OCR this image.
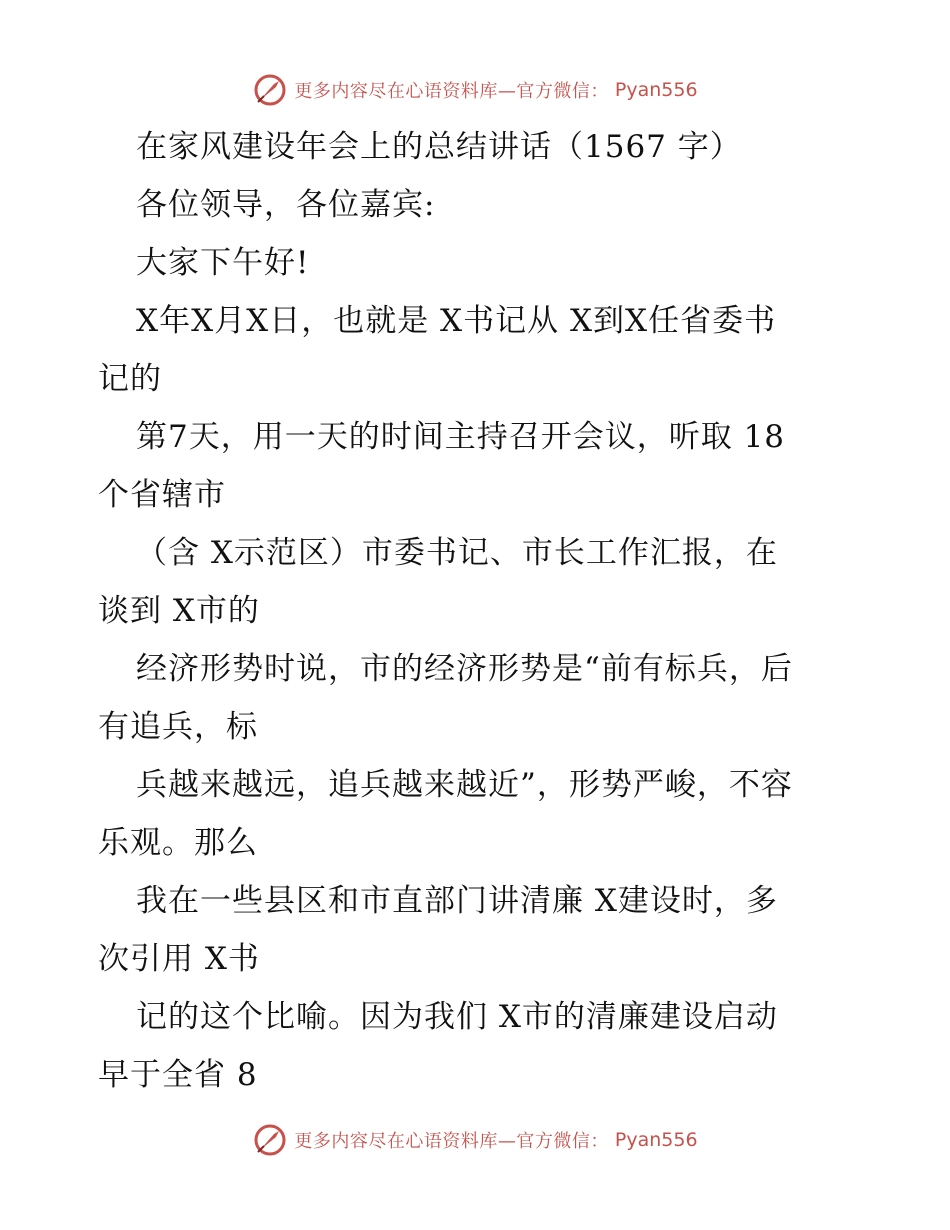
更多内容尽在心语资料库—官方微信： Pyan556

在家风建设年会上的总结讲话（1567 字）

各位领导，各位嘉宾:

大家下午好!

X年X月X日，也就是 X书记从 X到X任省委书

记的

第7天，用一天的时间主持召开会议，听取 18

个省辖市

（含 X示范区）市委书记、市长工作汇报，在

谈到 X市的

经济形势时说，市的经济形势是“前有标兵，后

有追兵，标

兵越来越远，追兵越来越近”，形势严峻，不容

乐观。那么

我在一些县区和市直部门讲清廉 X建设时，多

次引用 X书

记的这个比喻。因为我们 X市的清廉建设启动

早于全省 8
更多内容尽在心语资料库—官方微信： Pyan556
